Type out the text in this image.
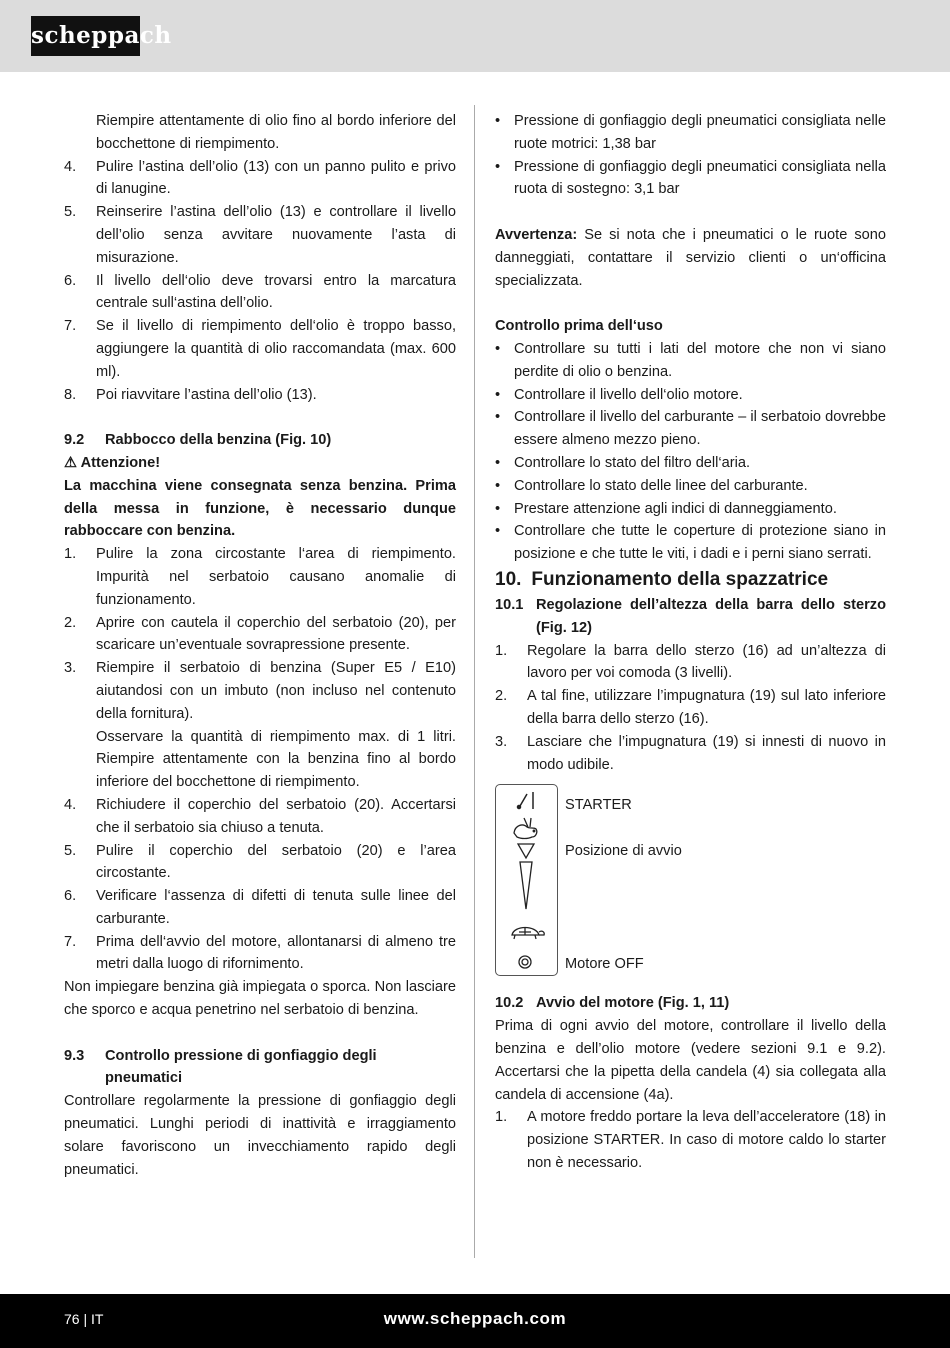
scheppach

Riempire attentamente di olio fino al bordo inferiore del bocchettone di riempimento.

4. Pulire l’astina dell’olio (13) con un panno pulito e privo di lanugine.

5. Reinserire l’astina dell’olio (13) e controllare il livello dell’olio senza avvitare nuovamente l’asta di misurazione.

6. Il livello dell‘olio deve trovarsi entro la marcatura centrale sull‘astina dell’olio.

7. Se il livello di riempimento dell‘olio è troppo basso, aggiungere la quantità di olio raccomandata (max. 600 ml).

8. Poi riavvitare l’astina dell’olio (13).

9.2 Rabbocco della benzina (Fig. 10)

⚠ Attenzione!

La macchina viene consegnata senza benzina. Prima della messa in funzione, è necessario dunque rabboccare con benzina.

1. Pulire la zona circostante l‘area di riempimento. Impurità nel serbatoio causano anomalie di funzionamento.

2. Aprire con cautela il coperchio del serbatoio (20), per scaricare un’eventuale sovrapressione presente.

3. Riempire il serbatoio di benzina (Super E5 / E10) aiutandosi con un imbuto (non incluso nel contenuto della fornitura).

Osservare la quantità di riempimento max. di 1 litri. Riempire attentamente con la benzina fino al bordo inferiore del bocchettone di riempimento.

4. Richiudere il coperchio del serbatoio (20). Accertarsi che il serbatoio sia chiuso a tenuta.

5. Pulire il coperchio del serbatoio (20) e l’area circostante.

6. Verificare l‘assenza di difetti di tenuta sulle linee del carburante.

7. Prima dell‘avvio del motore, allontanarsi di almeno tre metri dalla luogo di rifornimento.

Non impiegare benzina già impiegata o sporca. Non lasciare che sporco e acqua penetrino nel serbatoio di benzina.

9.3 Controllo pressione di gonfiaggio degli pneumatici

Controllare regolarmente la pressione di gonfiaggio degli pneumatici. Lunghi periodi di inattività e irraggiamento solare favoriscono un invecchiamento rapido degli pneumatici.

• Pressione di gonfiaggio degli pneumatici consigliata nelle ruote motrici: 1,38 bar

• Pressione di gonfiaggio degli pneumatici consigliata nella ruota di sostegno: 3,1 bar

Avvertenza: Se si nota che i pneumatici o le ruote sono danneggiati, contattare il servizio clienti o un‘officina specializzata.

Controllo prima dell‘uso

• Controllare su tutti i lati del motore che non vi siano perdite di olio o benzina.

• Controllare il livello dell‘olio motore.

• Controllare il livello del carburante – il serbatoio dovrebbe essere almeno mezzo pieno.

• Controllare lo stato del filtro dell‘aria.

• Controllare lo stato delle linee del carburante.

• Prestare attenzione agli indici di danneggiamento.

• Controllare che tutte le coperture di protezione siano in posizione e che tutte le viti, i dadi e i perni siano serrati.

10. Funzionamento della spazzatrice

10.1 Regolazione dell’altezza della barra dello sterzo (Fig. 12)

1. Regolare la barra dello sterzo (16) ad un’altezza di lavoro per voi comoda (3 livelli).

2. A tal fine, utilizzare l’impugnatura (19) sul lato inferiore della barra dello sterzo (16).

3. Lasciare che l’impugnatura (19) si innesti di nuovo in modo udibile.

STARTER
Posizione di avvio
Motore OFF

10.2 Avvio del motore (Fig. 1, 11)

Prima di ogni avvio del motore, controllare il livello della benzina e dell’olio motore (vedere sezioni 9.1 e 9.2). Accertarsi che la pipetta della candela (4) sia collegata alla candela di accensione (4a).

1. A motore freddo portare la leva dell’acceleratore (18) in posizione STARTER. In caso di motore caldo lo starter non è necessario.

76 | IT	www.scheppach.com
